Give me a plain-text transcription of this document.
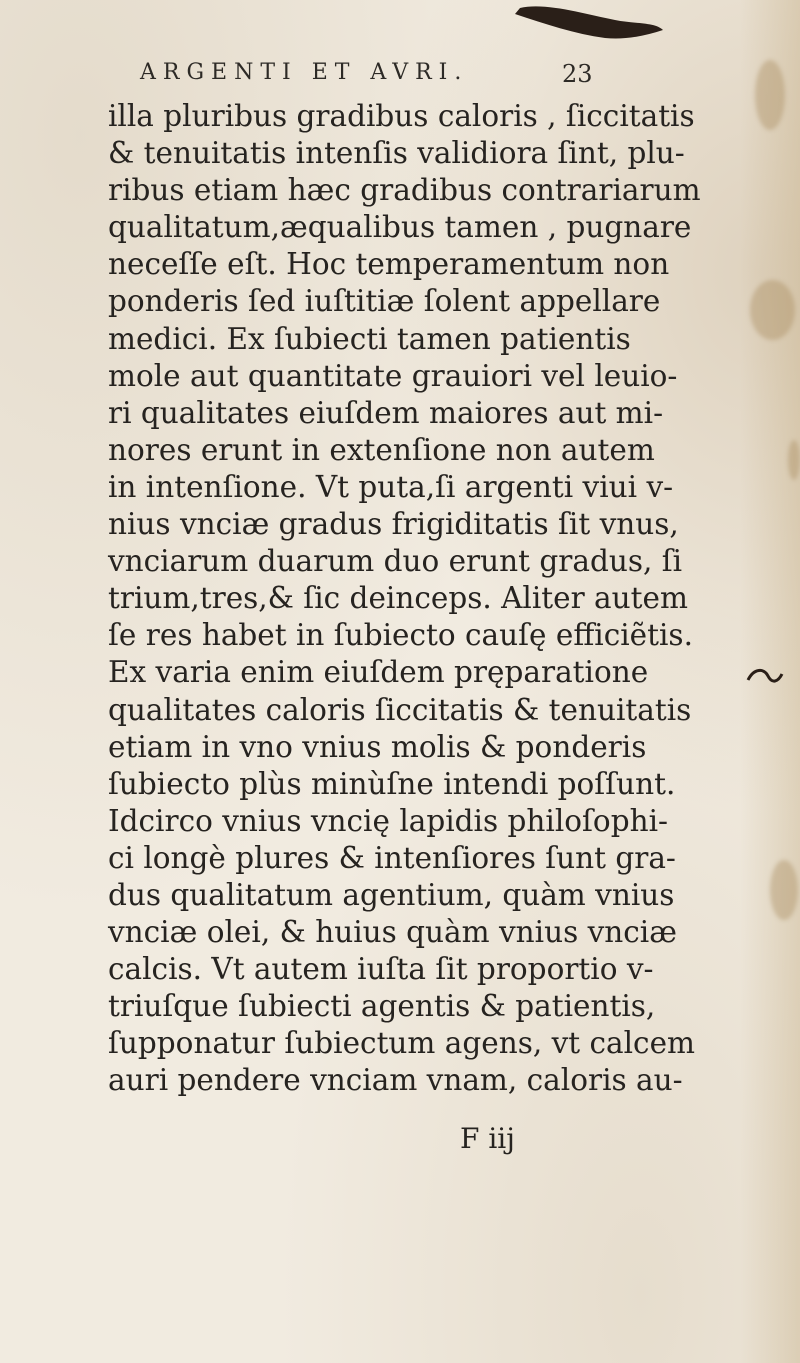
ARGENTI ET AVRI.	23
illa pluribus gradibus caloris , ſiccitatis
& tenuitatis intenſis validiora ſint, plu-
ribus etiam hæc gradibus contrariarum
qualitatum,æqualibus tamen , pugnare
neceſſe eſt. Hoc temperamentum non
ponderis ſed iuſtitiæ ſolent appellare
medici. Ex ſubiecti tamen patientis
mole aut quantitate grauiori vel leuio-
ri qualitates eiuſdem maiores aut mi-
nores erunt in extenſione non autem
in intenſione. Vt puta,ſi argenti viui v-
nius vnciæ gradus frigiditatis ſit vnus,
vnciarum duarum duo erunt gradus, ſi
trium,tres,& ſic deinceps. Aliter autem
ſe res habet in ſubiecto cauſę efficiẽtis.
Ex varia enim eiuſdem pręparatione
qualitates caloris ſiccitatis & tenuitatis
etiam in vno vnius molis & ponderis
ſubiecto plùs minùſne intendi poſſunt.
Idcirco vnius vncię lapidis philoſophi-
ci longè plures & intenſiores ſunt gra-
dus qualitatum agentium, quàm vnius
vnciæ olei, & huius quàm vnius vnciæ
calcis. Vt autem iuſta ſit proportio v-
triuſque ſubiecti agentis & patientis,
ſupponatur ſubiectum agens, vt calcem
auri pendere vnciam vnam, caloris au-
F iij
